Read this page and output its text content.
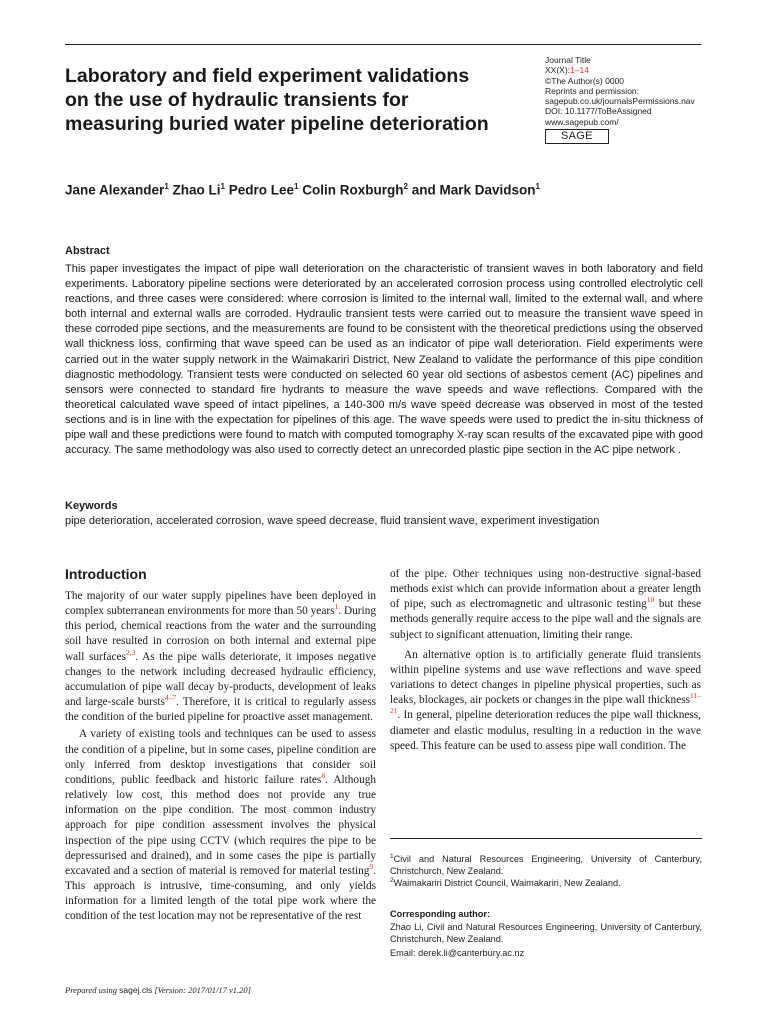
Laboratory and field experiment validations on the use of hydraulic transients for measuring buried water pipeline deterioration
Journal Title
XX(X):1–14
©The Author(s) 0000
Reprints and permission:
sagepub.co.uk/journalsPermissions.nav
DOI: 10.1177/ToBeAssigned
www.sagepub.com/
SAGE
Jane Alexander$^1$ Zhao Li$^1$ Pedro Lee$^1$ Colin Roxburgh$^2$ and Mark Davidson$^1$
Abstract
This paper investigates the impact of pipe wall deterioration on the characteristic of transient waves in both laboratory and field experiments. Laboratory pipeline sections were deteriorated by an accelerated corrosion process using controlled electrolytic cell reactions, and three cases were considered: where corrosion is limited to the internal wall, limited to the external wall, and where both internal and external walls are corroded. Hydraulic transient tests were carried out to measure the transient wave speed in these corroded pipe sections, and the measurements are found to be consistent with the theoretical predictions using the observed wall thickness loss, confirming that wave speed can be used as an indicator of pipe wall deterioration. Field experiments were carried out in the water supply network in the Waimakariri District, New Zealand to validate the performance of this pipe condition diagnostic methodology. Transient tests were conducted on selected 60 year old sections of asbestos cement (AC) pipelines and sensors were connected to standard fire hydrants to measure the wave speeds and wave reflections. Compared with the theoretical calculated wave speed of intact pipelines, a 140-300 m/s wave speed decrease was observed in most of the tested sections and is in line with the expectation for pipelines of this age. The wave speeds were used to predict the in-situ thickness of pipe wall and these predictions were found to match with computed tomography X-ray scan results of the excavated pipe with good accuracy. The same methodology was also used to correctly detect an unrecorded plastic pipe section in the AC pipe network .
Keywords
pipe deterioration, accelerated corrosion, wave speed decrease, fluid transient wave, experiment investigation
Introduction

The majority of our water supply pipelines have been deployed in complex subterranean environments for more than 50 years$^1$. During this period, chemical reactions from the water and the surrounding soil have resulted in corrosion on both internal and external pipe wall surfaces$^{2,3}$. As the pipe walls deteriorate, it imposes negative changes to the network including decreased hydraulic efficiency, accumulation of pipe wall decay by-products, development of leaks and large-scale bursts$^{4-7}$. Therefore, it is critical to regularly assess the condition of the buried pipeline for proactive asset management.

A variety of existing tools and techniques can be used to assess the condition of a pipeline, but in some cases, pipeline condition are only inferred from desktop investigations that consider soil conditions, public feedback and historic failure rates$^8$. Although relatively low cost, this method does not provide any true information on the pipe condition. The most common industry approach for pipe condition assessment involves the physical inspection of the pipe using CCTV (which requires the pipe to be depressurised and drained), and in some cases the pipe is partially excavated and a section of material is removed for material testing$^9$. This approach is intrusive, time-consuming, and only yields information for a limited length of the total pipe work where the condition of the test location may not be representative of the rest

of the pipe. Other techniques using non-destructive signal-based methods exist which can provide information about a greater length of pipe, such as electromagnetic and ultrasonic testing$^{10}$ but these methods generally require access to the pipe wall and the signals are subject to significant attenuation, limiting their range.

An alternative option is to artificially generate fluid transients within pipeline systems and use wave reflections and wave speed variations to detect changes in pipeline physical properties, such as leaks, blockages, air pockets or changes in the pipe wall thickness$^{11-21}$. In general, pipeline deterioration reduces the pipe wall thickness, diameter and elastic modulus, resulting in a reduction in the wave speed. This feature can be used to assess pipe wall condition. The

$^1$Civil and Natural Resources Engineering, University of Canterbury, Christchurch, New Zealand.
$^2$Waimakariri District Council, Waimakariri, New Zealand.
Corresponding author:
Zhao Li, Civil and Natural Resources Engineering, University of Canterbury, Christchurch, New Zealand.
Email: derek.li@canterbury.ac.nz
Prepared using sagej.cls [Version: 2017/01/17 v1.20]
